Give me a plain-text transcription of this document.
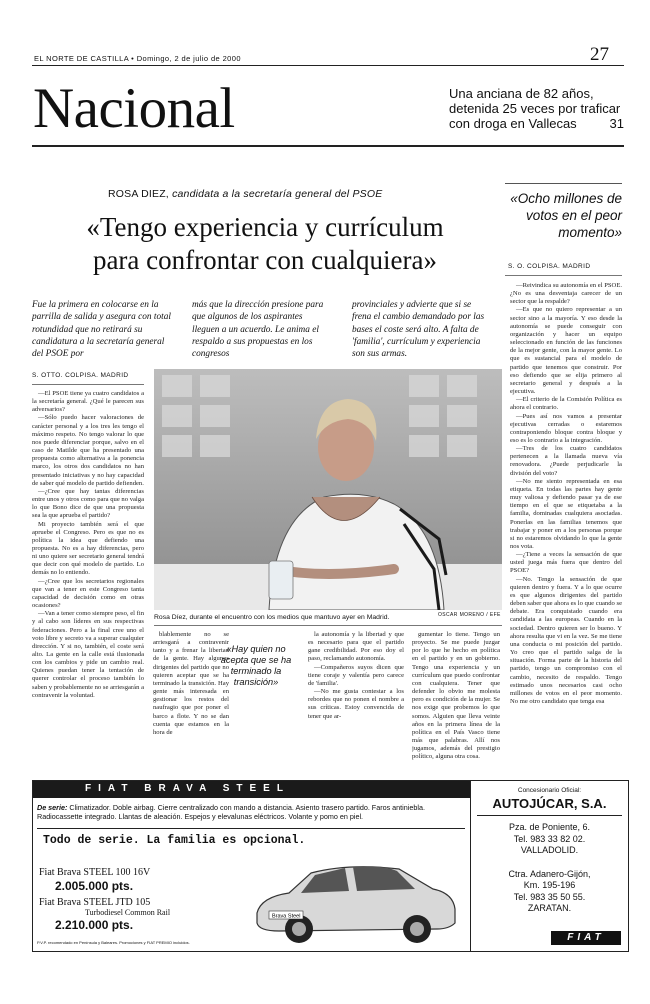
EL NORTE DE CASTILLA • Domingo, 2 de julio de 2000	27
Nacional	Una anciana de 82 años, detenida 25 veces por traficar con droga en Vallecas	31
ROSA DIEZ, candidata a la secretaría general del PSOE
«Tengo experiencia y currículum
para confrontar con cualquiera»
Fue la primera en colocarse en la parrilla de salida y asegura con total rotundidad que no retirará su candidatura a la secretaría general del PSOE por
más que la dirección presione para que algunos de los aspirantes lleguen a un acuerdo. Le anima el respaldo a sus propuestas en los congresos
provinciales y advierte que si se frena el cambio demandado por las bases el coste será alto. A falta de 'familia', currículum y experiencia son sus armas.
S. OTTO. COLPISA. MADRID

—El PSOE tiene ya cuatro candidatos a la secretaría general. ¿Qué le parecen sus adversarios?

—Sólo puedo hacer valoraciones de carácter personal y a los tres les tengo el máximo respeto. No tengo valorar lo que nos puede diferenciar porque, salvo en el caso de Matilde que ha presentado una propuesta como alternativa a la ponencia marco, los otros dos candidatos no han presentado iniciativas y no hay capacidad de saber qué modelo de partido defienden.

—¿Cree que hay tantas diferencias entre unos y otros como para que no valga lo que Bono dice de que una propuesta sea la que aprueba el partido?

Mi proyecto también será el que apruebe el Congreso. Pero es que no es política la idea que defiendo una propuesta. No es a hay diferencias, pero ni uno quiere ser secretario general tendrá que decir con qué modelo de partido. Lo demás no lo entiendo.

—¿Cree que los secretarios regionales que van a tener en este Congreso tanta capacidad de decisión como en otras ocasiones?

—Van a tener como siempre peso, el fin y al cabo son líderes en sus respectivas federaciones. Pero a la final cree uno el voto libre y secreto va a superar cualquier dirección. Y si no, también, el coste será alto. La gente en la calle está ilusionada con los cambios y pide un cambio real. Quienes puedan tener la tentación de querer controlar el proceso también lo saben y probablemente no se arriesgarán a contravenir la voluntad.

Rosa Díez, durante el encuentro con los medios que mantuvo ayer en Madrid.	OSCAR MORENO / EFE

blablemente no se arriesgará a contravenir tanto y a frenar la libertad de la gente. Hay algunos dirigentes del partido que no quieren aceptar que se ha terminado la transición. Hay gente más interesada en gestionar los restos del naufragio que por poner el barco a flote. Y no se dan cuenta que estamos en la hora de

«Hay quien no acepta que se ha terminado la transición»

la autonomía y la libertad y que es necesario para que el partido gane credibilidad. Por eso doy el paso, reclamando autonomía.

—Compañeros suyos dicen que tiene coraje y valentía pero carece de 'familia'.

—No me gusta contestar a los rebordes que no ponen el nombre a sus críticas. Estoy convencida de tener que ar-

gumentar lo tiene. Tengo un proyecto. Se me puede juzgar por lo que he hecho en política en el partido y en un gobierno. Tengo una experiencia y un currículum que puedo confrontar con cualquiera. Tener que defender lo obvio me molesta pero es condición de la mujer. Se nos exige que probemos lo que somos. Alguien que lleva veinte años en la primera línea de la política en el País Vasco tiene más que palabras. Allí nos jugamos, además del prestigio político, alguna otra cosa.

«Ocho millones de votos en el peor momento»
S. O. COLPISA. MADRID

—Reivindica su autonomía en el PSOE. ¿No es una desventaja carecer de un sector que la respalde?

—Es que no quiero representar a un sector sino a la mayoría. Y eso desde la autonomía se puede conseguir con organización y hacer un equipo seleccionado en función de las funciones de la mejor gente, con la mayor gente. Lo que es sustancial para el modelo de partido que tenemos que construir. Por eso defiendo que se elija primero al secretario general y después a la ejecutiva.

—El criterio de la Comisión Política es ahora el contrario.

—Pues así nos vamos a presentar ejecutivas cerradas o estaremos contraponiendo bloque contra bloque y eso es lo contrario a la integración.

—Tres de los cuatro candidatos pertenecen a la llamada nueva vía renovadora. ¿Puede perjudicarle la división del voto?

—No me siento representada en esa etiqueta. En todas las partes hay gente muy valiosa y defiendo pasar ya de ese tiempo en el que se etiquetaba a la familia, dominadas cualquiera asociadas. Ponerlas en las familias tenemos que trabajar y poner en a los personas porque si no estaremos olvidando lo que la gente nos vota.

—¿Tiene a veces la sensación de que usted juega más fuera que dentro del PSOE?

—No. Tengo la sensación de que quieren dentro y fuera. Y a lo que ocurre es que algunos dirigentes del partido deben saber que ahora es lo que cuando se debate. Era conquistado cuando era candidata a las europeas. Cuando en la sociedad. Dentro quieren ser lo bueno. Y ahora resulta que vi en la vez. Se me tiene una conducta o mi posición del partido. Yo creo que el partido salga de la situación. Forma parte de la historia del partido, tengo un compromiso con el cambio, necesito de respaldo. Tengo estimado unos necesarios casi ocho millones de votos en el peor momento. No me otro candidato que tenga esa

FIAT BRAVA STEEL
De serie: Climatizador. Doble airbag. Cierre centralizado con mando a distancia. Asiento trasero partido. Faros antiniebla. Radiocassette integrado. Llantas de aleación. Espejos y elevalunas eléctricos. Volante y pomo en piel.
Todo de serie. La familia es opcional.
Fiat Brava STEEL 100 16V
2.005.000 pts.
Fiat Brava STEEL JTD 105
Turbodiesel Common Rail
2.210.000 pts.
P.V.P. recomendado en Península y Baleares. Promociones y FIAT PREMIO incluidos.
Brava Steel
Concesionario Oficial:
AUTOJÚCAR, S.A.
Pza. de Poniente, 6.
Tel. 983 33 82 02.
VALLADOLID.
Ctra. Adanero-Gijón,
Km. 195-196
Tel. 983 35 50 55.
ZARATAN.
FIAT
